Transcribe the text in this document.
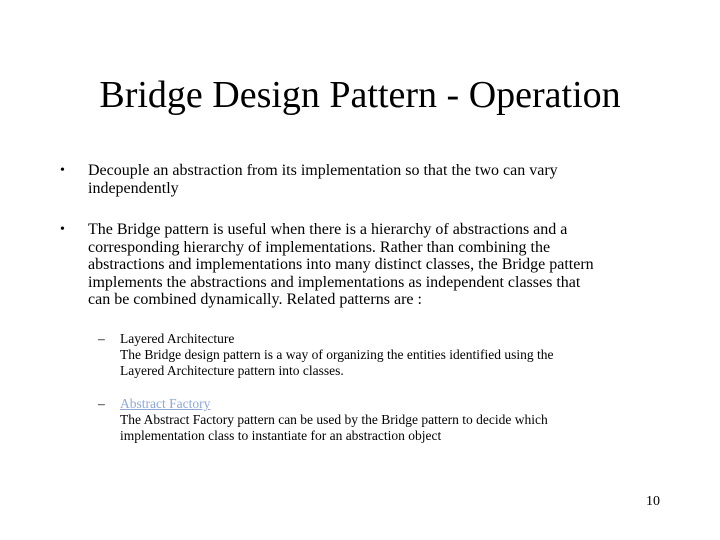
Bridge Design Pattern - Operation
•	Decouple an abstraction from its implementation so that the two can vary
independently
•	The Bridge pattern is useful when there is a hierarchy of abstractions and a
corresponding hierarchy of implementations. Rather than combining the
abstractions and implementations into many distinct classes, the Bridge pattern
implements the abstractions and implementations as independent classes that
can be combined dynamically. Related patterns are :
– Layered Architecture
The Bridge design pattern is a way of organizing the entities identified using the
Layered Architecture pattern into classes.
– Abstract Factory
The Abstract Factory pattern can be used by the Bridge pattern to decide which
implementation class to instantiate for an abstraction object
10
